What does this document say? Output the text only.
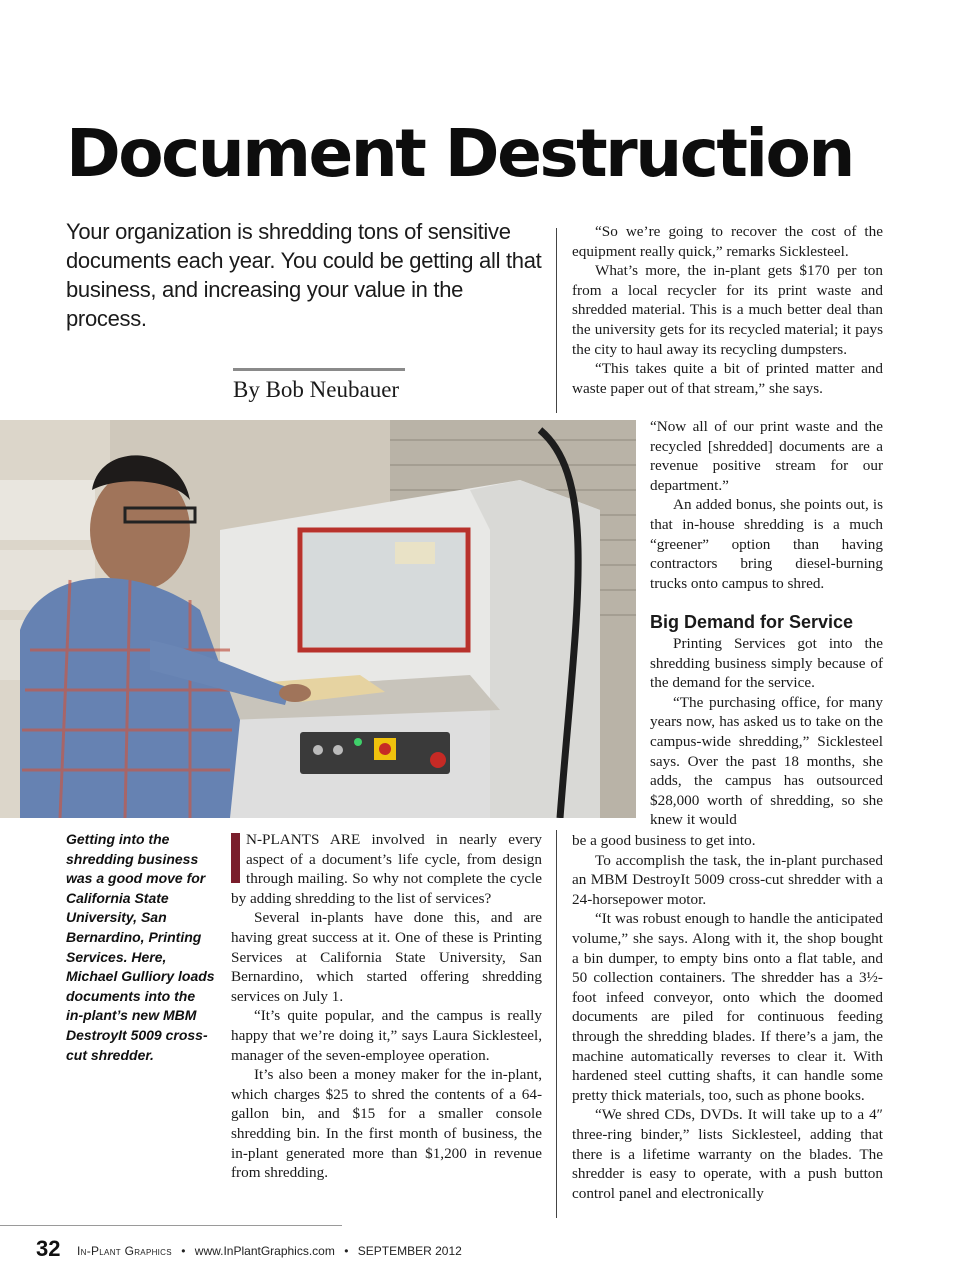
Document Destruction

Your organization is shredding tons of sensitive documents each year. You could be getting all that business, and increasing your value in the process.

By Bob Neubauer

“So we’re going to recover the cost of the equipment really quick,” remarks Sicklesteel.

What’s more, the in-plant gets $170 per ton from a local recycler for its print waste and shredded material. This is a much better deal than the university gets for its recycled material; it pays the city to haul away its recycling dumpsters.

“This takes quite a bit of printed matter and waste paper out of that stream,” she says.

“Now all of our print waste and the recycled [shredded] documents are a revenue positive stream for our department.”

An added bonus, she points out, is that in-house shredding is a much “greener” option than having contractors bring diesel-burning trucks onto campus to shred.

Big Demand for Service

Printing Services got into the shredding business simply because of the demand for the service.

“The purchasing office, for many years now, has asked us to take on the campus-wide shredding,” Sicklesteel says. Over the past 18 months, she adds, the campus has outsourced $28,000 worth of shredding, so she knew it would

be a good business to get into.

To accomplish the task, the in-plant purchased an MBM DestroyIt 5009 cross-cut shredder with a 24-horsepower motor.

“It was robust enough to handle the anticipated volume,” she says. Along with it, the shop bought a bin dumper, to empty bins onto a flat table, and 50 collection containers. The shredder has a 3½-foot infeed conveyor, onto which the doomed documents are piled for continuous feeding through the shredding blades. If there’s a jam, the machine automatically reverses to clear it. With hardened steel cutting shafts, it can handle some pretty thick materials, too, such as phone books.

“We shred CDs, DVDs. It will take up to a 4″ three-ring binder,” lists Sicklesteel, adding that there is a lifetime warranty on the blades. The shredder is easy to operate, with a push button control panel and electronically

Getting into the shredding business was a good move for California State University, San Bernardino, Printing Services. Here, Michael Gulliory loads documents into the in-plant’s new MBM DestroyIt 5009 cross-cut shredder.

N-PLANTS ARE involved in nearly every aspect of a document’s life cycle, from design through mailing. So why not complete the cycle by adding shredding to the list of services?

Several in-plants have done this, and are having great success at it. One of these is Printing Services at California State University, San Bernardino, which started offering shredding services on July 1.

“It’s quite popular, and the campus is really happy that we’re doing it,” says Laura Sicklesteel, manager of the seven-employee operation.

It’s also been a money maker for the in-plant, which charges $25 to shred the contents of a 64-gallon bin, and $15 for a smaller console shredding bin. In the first month of business, the in-plant generated more than $1,200 in revenue from shredding.

32 In-Plant Graphics • www.InPlantGraphics.com • SEPTEMBER 2012
